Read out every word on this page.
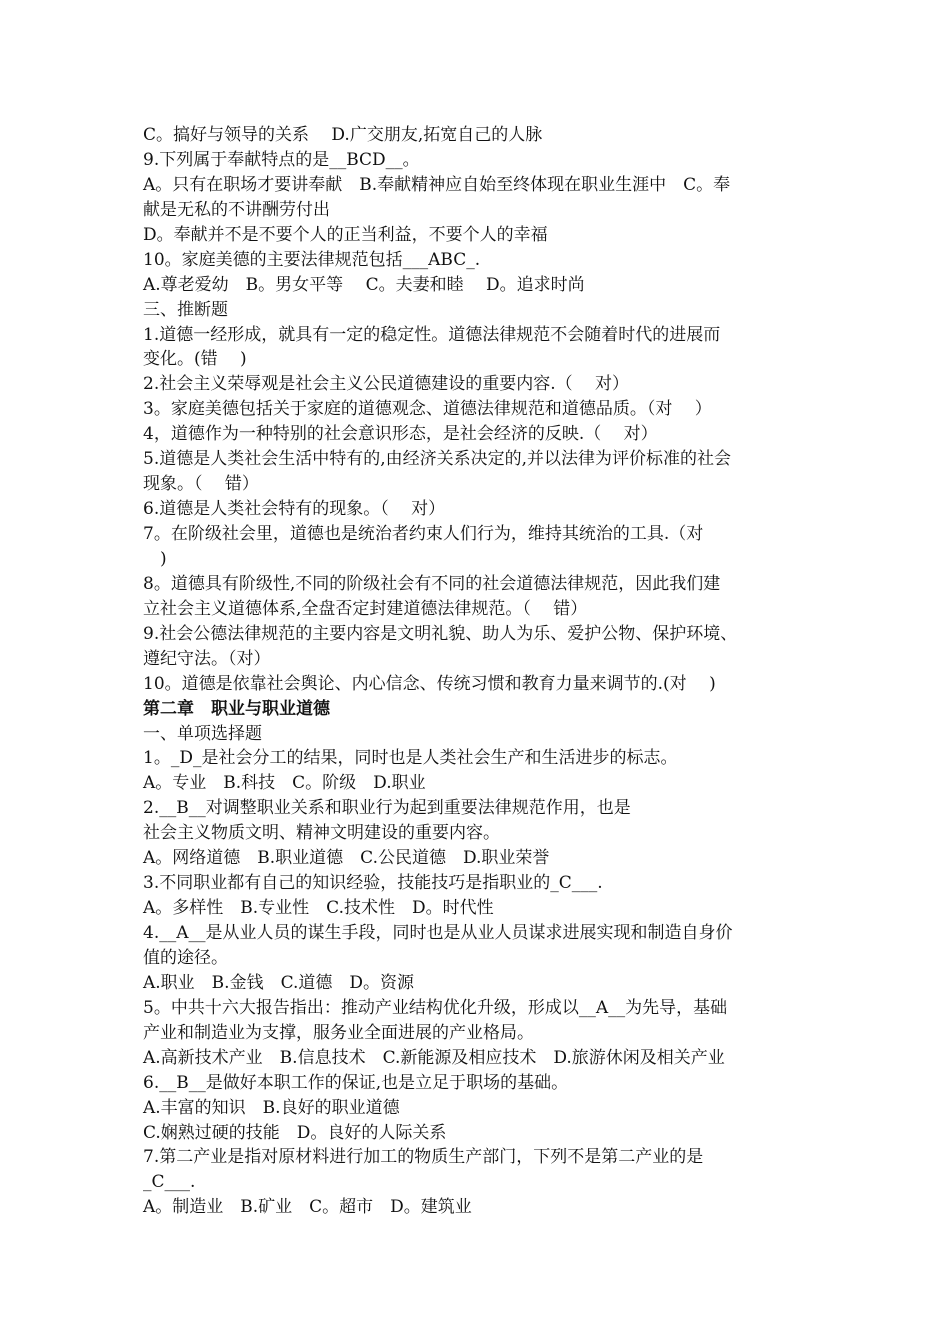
C。搞好与领导的关系　 D.广交朋友,拓宽自己的人脉
9.下列属于奉献特点的是__BCD__。
A。只有在职场才要讲奉献　B.奉献精神应自始至终体现在职业生涯中　C。奉
献是无私的不讲酬劳付出
D。奉献并不是不要个人的正当利益，不要个人的幸福
10。家庭美德的主要法律规范包括___ABC_.
A.尊老爱幼　B。男女平等　 C。夫妻和睦　 D。追求时尚
三、推断题
1.道德一经形成，就具有一定的稳定性。道德法律规范不会随着时代的进展而
变化。(错　 )
2.社会主义荣辱观是社会主义公民道德建设的重要内容.（　 对）
3。家庭美德包括关于家庭的道德观念、道德法律规范和道德品质。（对　 ）
4，道德作为一种特别的社会意识形态，是社会经济的反映.（　 对）
5.道德是人类社会生活中特有的,由经济关系决定的,并以法律为评价标准的社会
现象。（　 错）
6.道德是人类社会特有的现象。（　 对）
7。在阶级社会里，道德也是统治者约束人们行为，维持其统治的工具.（对
　)
8。道德具有阶级性,不同的阶级社会有不同的社会道德法律规范，因此我们建
立社会主义道德体系,全盘否定封建道德法律规范。（　 错）
9.社会公德法律规范的主要内容是文明礼貌、助人为乐、爱护公物、保护环境、
遵纪守法。（对）
10。道德是依靠社会舆论、内心信念、传统习惯和教育力量来调节的.(对　 )
第二章　职业与职业道德
一、单项选择题
1。_D_是社会分工的结果，同时也是人类社会生产和生活进步的标志。
A。专业　B.科技　C。阶级　D.职业
2.__B__对调整职业关系和职业行为起到重要法律规范作用，也是
社会主义物质文明、精神文明建设的重要内容。
A。网络道德　B.职业道德　C.公民道德　D.职业荣誉
3.不同职业都有自己的知识经验，技能技巧是指职业的_C___.
A。多样性　B.专业性　C.技术性　D。时代性
4.__A__是从业人员的谋生手段，同时也是从业人员谋求进展实现和制造自身价
值的途径。
A.职业　B.金钱　C.道德　D。资源
5。中共十六大报告指出：推动产业结构优化升级，形成以__A__为先导，基础
产业和制造业为支撑，服务业全面进展的产业格局。
A.高新技术产业　B.信息技术　C.新能源及相应技术　D.旅游休闲及相关产业
6.__B__是做好本职工作的保证,也是立足于职场的基础。
A.丰富的知识　B.良好的职业道德
C.娴熟过硬的技能　D。良好的人际关系
7.第二产业是指对原材料进行加工的物质生产部门，下列不是第二产业的是
_C___.
A。制造业　B.矿业　C。超市　D。建筑业
